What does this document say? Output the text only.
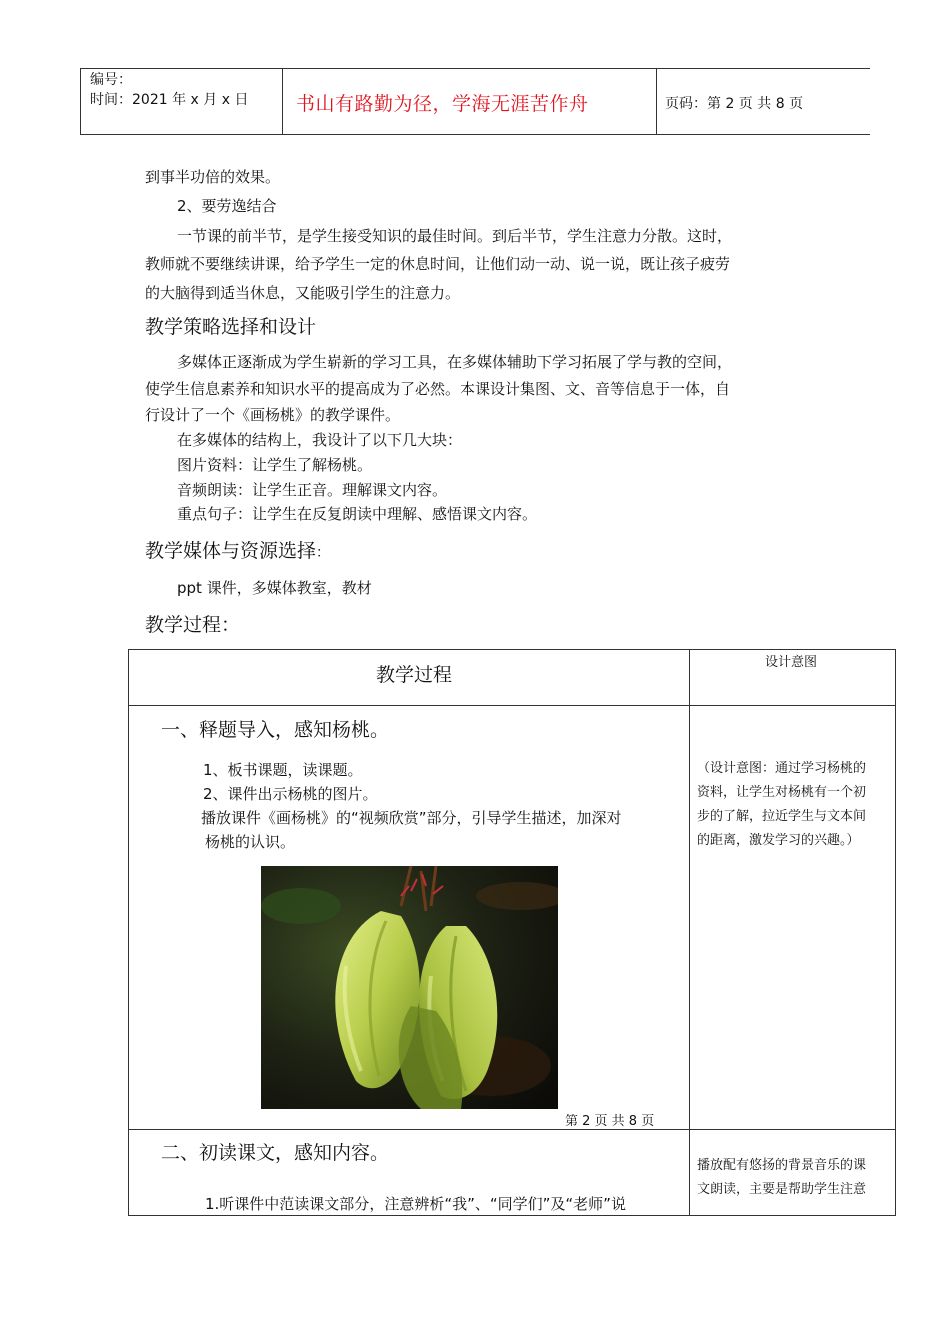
编号：
时间：2021 年 x 月 x 日	书山有路勤为径，学海无涯苦作舟	页码：第 2 页 共 8 页
到事半功倍的效果。
2、要劳逸结合
一节课的前半节，是学生接受知识的最佳时间。到后半节，学生注意力分散。这时，
教师就不要继续讲课，给予学生一定的休息时间，让他们动一动、说一说，既让孩子疲劳
的大脑得到适当休息，又能吸引学生的注意力。
教学策略选择和设计
多媒体正逐渐成为学生崭新的学习工具，在多媒体辅助下学习拓展了学与教的空间，
使学生信息素养和知识水平的提高成为了必然。本课设计集图、文、音等信息于一体，自
行设计了一个《画杨桃》的教学课件。
在多媒体的结构上，我设计了以下几大块：
图片资料：让学生了解杨桃。
音频朗读：让学生正音。理解课文内容。
重点句子：让学生在反复朗读中理解、感悟课文内容。
教学媒体与资源选择：
ppt 课件，多媒体教室，教材
教学过程：
教学过程
设计意图
一、释题导入，感知杨桃。
1、板书课题，读课题。
2、课件出示杨桃的图片。
播放课件《画杨桃》的“视频欣赏”部分，引导学生描述，加深对
杨桃的认识。
（设计意图：通过学习杨桃的
资料，让学生对杨桃有一个初
步的了解，拉近学生与文本间
的距离，激发学习的兴趣。）
第 2 页 共 8 页
二、初读课文，感知内容。
1.听课件中范读课文部分，注意辨析“我”、“同学们”及“老师”说
播放配有悠扬的背景音乐的课
文朗读，主要是帮助学生注意
